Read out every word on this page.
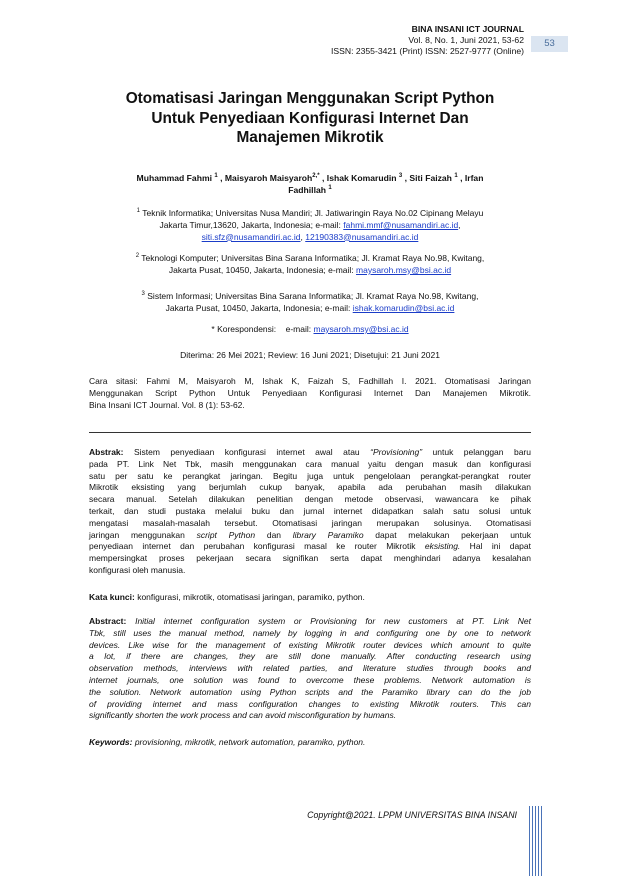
BINA INSANI ICT JOURNAL
Vol. 8, No. 1, Juni 2021, 53-62
ISSN: 2355-3421 (Print) ISSN: 2527-9777 (Online)
53
Otomatisasi Jaringan Menggunakan Script Python
Untuk Penyediaan Konfigurasi Internet Dan
Manajemen Mikrotik
Muhammad Fahmi $^1$ , Maisyaroh Maisyaroh$^{2,*}$ , Ishak Komarudin $^3$ , Siti Faizah $^1$ , Irfan
Fadhillah $^1$
$^1$ Teknik Informatika; Universitas Nusa Mandiri; Jl. Jatiwaringin Raya No.02 Cipinang Melayu
Jakarta Timur,13620, Jakarta, Indonesia; e-mail: fahmi.mmf@nusamandiri.ac.id,
siti.sfz@nusamandiri.ac.id, 12190383@nusamandiri.ac.id
$^2$ Teknologi Komputer; Universitas Bina Sarana Informatika; Jl. Kramat Raya No.98, Kwitang,
Jakarta Pusat, 10450, Jakarta, Indonesia; e-mail: maysaroh.msy@bsi.ac.id
$^3$ Sistem Informasi; Universitas Bina Sarana Informatika; Jl. Kramat Raya No.98, Kwitang,
Jakarta Pusat, 10450, Jakarta, Indonesia; e-mail: ishak.komarudin@bsi.ac.id
* Korespondensi: e-mail: maysaroh.msy@bsi.ac.id
Diterima: 26 Mei 2021; Review: 16 Juni 2021; Disetujui: 21 Juni 2021
Cara sitasi: Fahmi M, Maisyaroh M, Ishak K, Faizah S, Fadhillah I. 2021. Otomatisasi Jaringan
Menggunakan Script Python Untuk Penyediaan Konfigurasi Internet Dan Manajemen Mikrotik.
Bina Insani ICT Journal. Vol. 8 (1): 53-62.
Abstrak: Sistem penyediaan konfigurasi internet awal atau “Provisioning” untuk pelanggan baru
pada PT. Link Net Tbk, masih menggunakan cara manual yaitu dengan masuk dan konfigurasi
satu per satu ke perangkat jaringan. Begitu juga untuk pengelolaan perangkat-perangkat router
Mikrotik eksisting yang berjumlah cukup banyak, apabila ada perubahan masih dilakukan
secara manual. Setelah dilakukan penelitian dengan metode observasi, wawancara ke pihak
terkait, dan studi pustaka melalui buku dan jurnal internet didapatkan salah satu solusi untuk
mengatasi masalah-masalah tersebut. Otomatisasi jaringan merupakan solusinya. Otomatisasi
jaringan menggunakan script Python dan library Paramiko dapat melakukan pekerjaan untuk
penyediaan internet dan perubahan konfigurasi masal ke router Mikrotik eksisting. Hal ini dapat
mempersingkat proses pekerjaan secara signifikan serta dapat menghindari adanya kesalahan
konfigurasi oleh manusia.
Kata kunci: konfigurasi, mikrotik, otomatisasi jaringan, paramiko, python.
Abstract: Initial internet configuration system or Provisioning for new customers at PT. Link Net
Tbk, still uses the manual method, namely by logging in and configuring one by one to network
devices. Like wise for the management of existing Mikrotik router devices which amount to quite
a lot, if there are changes, they are still done manually. After conducting research using
observation methods, interviews with related parties, and literature studies through books and
internet journals, one solution was found to overcome these problems. Network automation is
the solution. Network automation using Python scripts and the Paramiko library can do the job
of providing internet and mass configuration changes to existing Mikrotik routers. This can
significantly shorten the work process and can avoid misconfiguration by humans.
Keywords: provisioning, mikrotik, network automation, paramiko, python.
Copyright@2021. LPPM UNIVERSITAS BINA INSANI
